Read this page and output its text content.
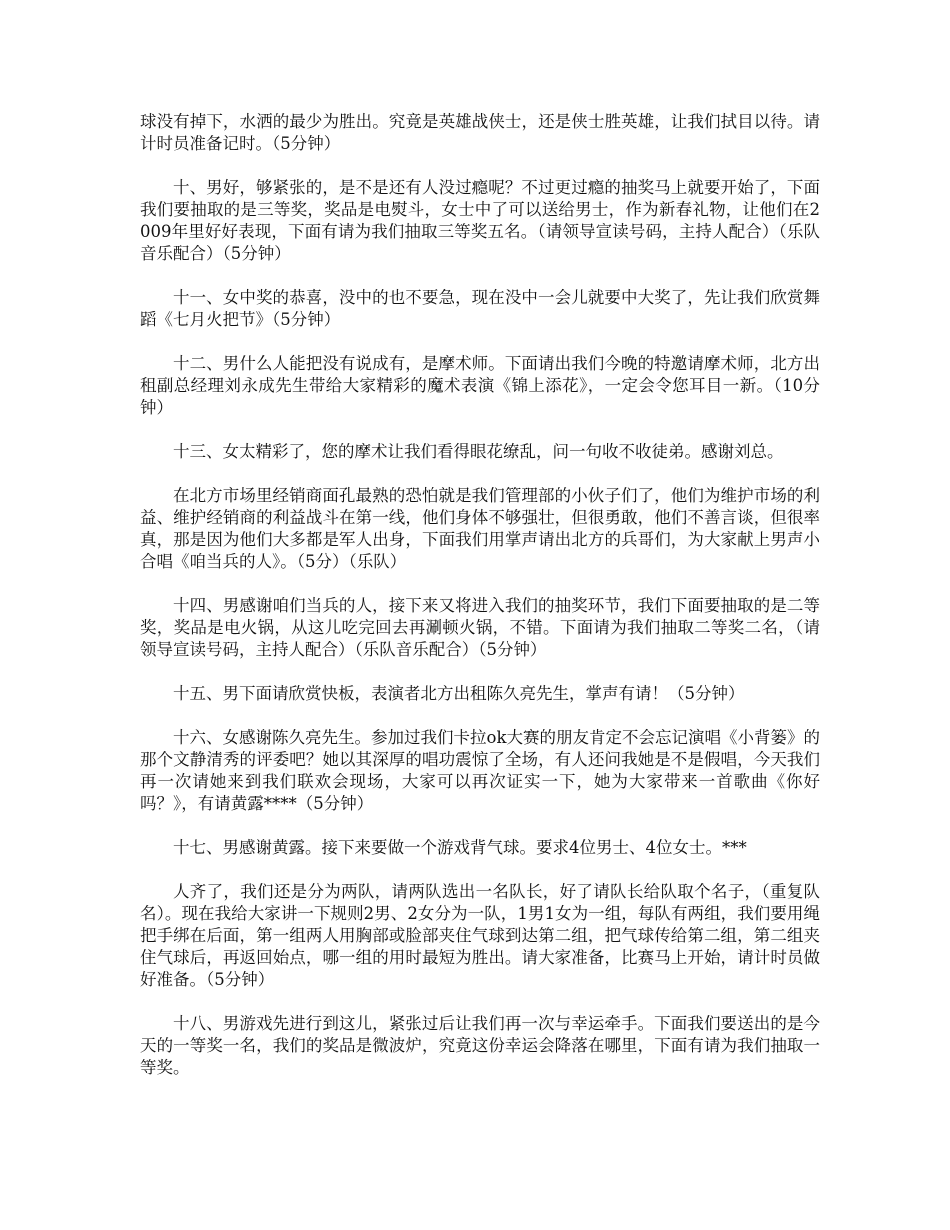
球没有掉下，水洒的最少为胜出。究竟是英雄战侠士，还是侠士胜英雄，让我们拭目以待。请计时员准备记时。（5分钟）

十、男好，够紧张的，是不是还有人没过瘾呢？不过更过瘾的抽奖马上就要开始了，下面我们要抽取的是三等奖，奖品是电熨斗，女士中了可以送给男士，作为新春礼物，让他们在2009年里好好表现，下面有请为我们抽取三等奖五名。（请领导宣读号码，主持人配合）（乐队音乐配合）（5分钟）

十一、女中奖的恭喜，没中的也不要急，现在没中一会儿就要中大奖了，先让我们欣赏舞蹈《七月火把节》（5分钟）

十二、男什么人能把没有说成有，是摩术师。下面请出我们今晚的特邀请摩术师，北方出租副总经理刘永成先生带给大家精彩的魔术表演《锦上添花》，一定会令您耳目一新。（10分钟）

十三、女太精彩了，您的摩术让我们看得眼花缭乱，问一句收不收徒弟。感谢刘总。

在北方市场里经销商面孔最熟的恐怕就是我们管理部的小伙子们了，他们为维护市场的利益、维护经销商的利益战斗在第一线，他们身体不够强壮，但很勇敢，他们不善言谈，但很率真，那是因为他们大多都是军人出身，下面我们用掌声请出北方的兵哥们，为大家献上男声小合唱《咱当兵的人》。（5分）（乐队）

十四、男感谢咱们当兵的人，接下来又将进入我们的抽奖环节，我们下面要抽取的是二等奖，奖品是电火锅，从这儿吃完回去再涮顿火锅，不错。下面请为我们抽取二等奖二名，（请领导宣读号码，主持人配合）（乐队音乐配合）（5分钟）

十五、男下面请欣赏快板，表演者北方出租陈久亮先生，掌声有请！（5分钟）

十六、女感谢陈久亮先生。参加过我们卡拉ok大赛的朋友肯定不会忘记演唱《小背篓》的那个文静清秀的评委吧？她以其深厚的唱功震惊了全场，有人还问我她是不是假唱，今天我们再一次请她来到我们联欢会现场，大家可以再次证实一下，她为大家带来一首歌曲《你好吗？》，有请黄露****（5分钟）

十七、男感谢黄露。接下来要做一个游戏背气球。要求4位男士、4位女士。***

人齐了，我们还是分为两队，请两队选出一名队长，好了请队长给队取个名子，（重复队名）。现在我给大家讲一下规则2男、2女分为一队，1男1女为一组，每队有两组，我们要用绳把手绑在后面，第一组两人用胸部或脸部夹住气球到达第二组，把气球传给第二组，第二组夹住气球后，再返回始点，哪一组的用时最短为胜出。请大家准备，比赛马上开始，请计时员做好准备。（5分钟）

十八、男游戏先进行到这儿，紧张过后让我们再一次与幸运牵手。下面我们要送出的是今天的一等奖一名，我们的奖品是微波炉，究竟这份幸运会降落在哪里，下面有请为我们抽取一等奖。
